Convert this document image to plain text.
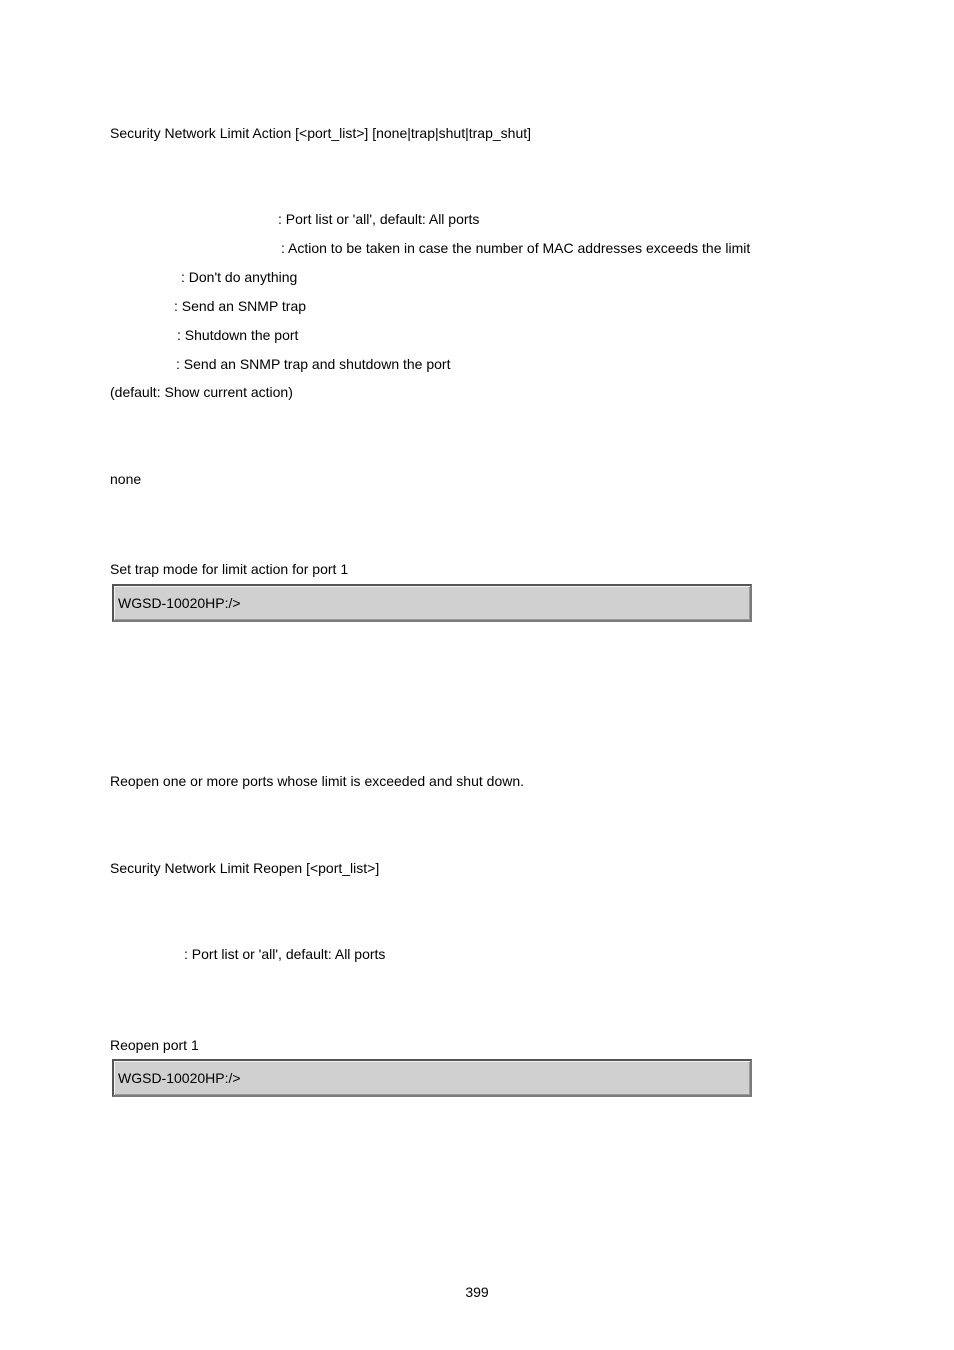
Security Network Limit Action [<port_list>] [none|trap|shut|trap_shut]
: Port list or 'all', default: All ports
: Action to be taken in case the number of MAC addresses exceeds the limit
: Don't do anything
: Send an SNMP trap
: Shutdown the port
: Send an SNMP trap and shutdown the port
(default: Show current action)
none
Set trap mode for limit action for port 1
WGSD-10020HP:/>
Reopen one or more ports whose limit is exceeded and shut down.
Security Network Limit Reopen [<port_list>]
: Port list or 'all', default: All ports
Reopen port 1
WGSD-10020HP:/>
399
